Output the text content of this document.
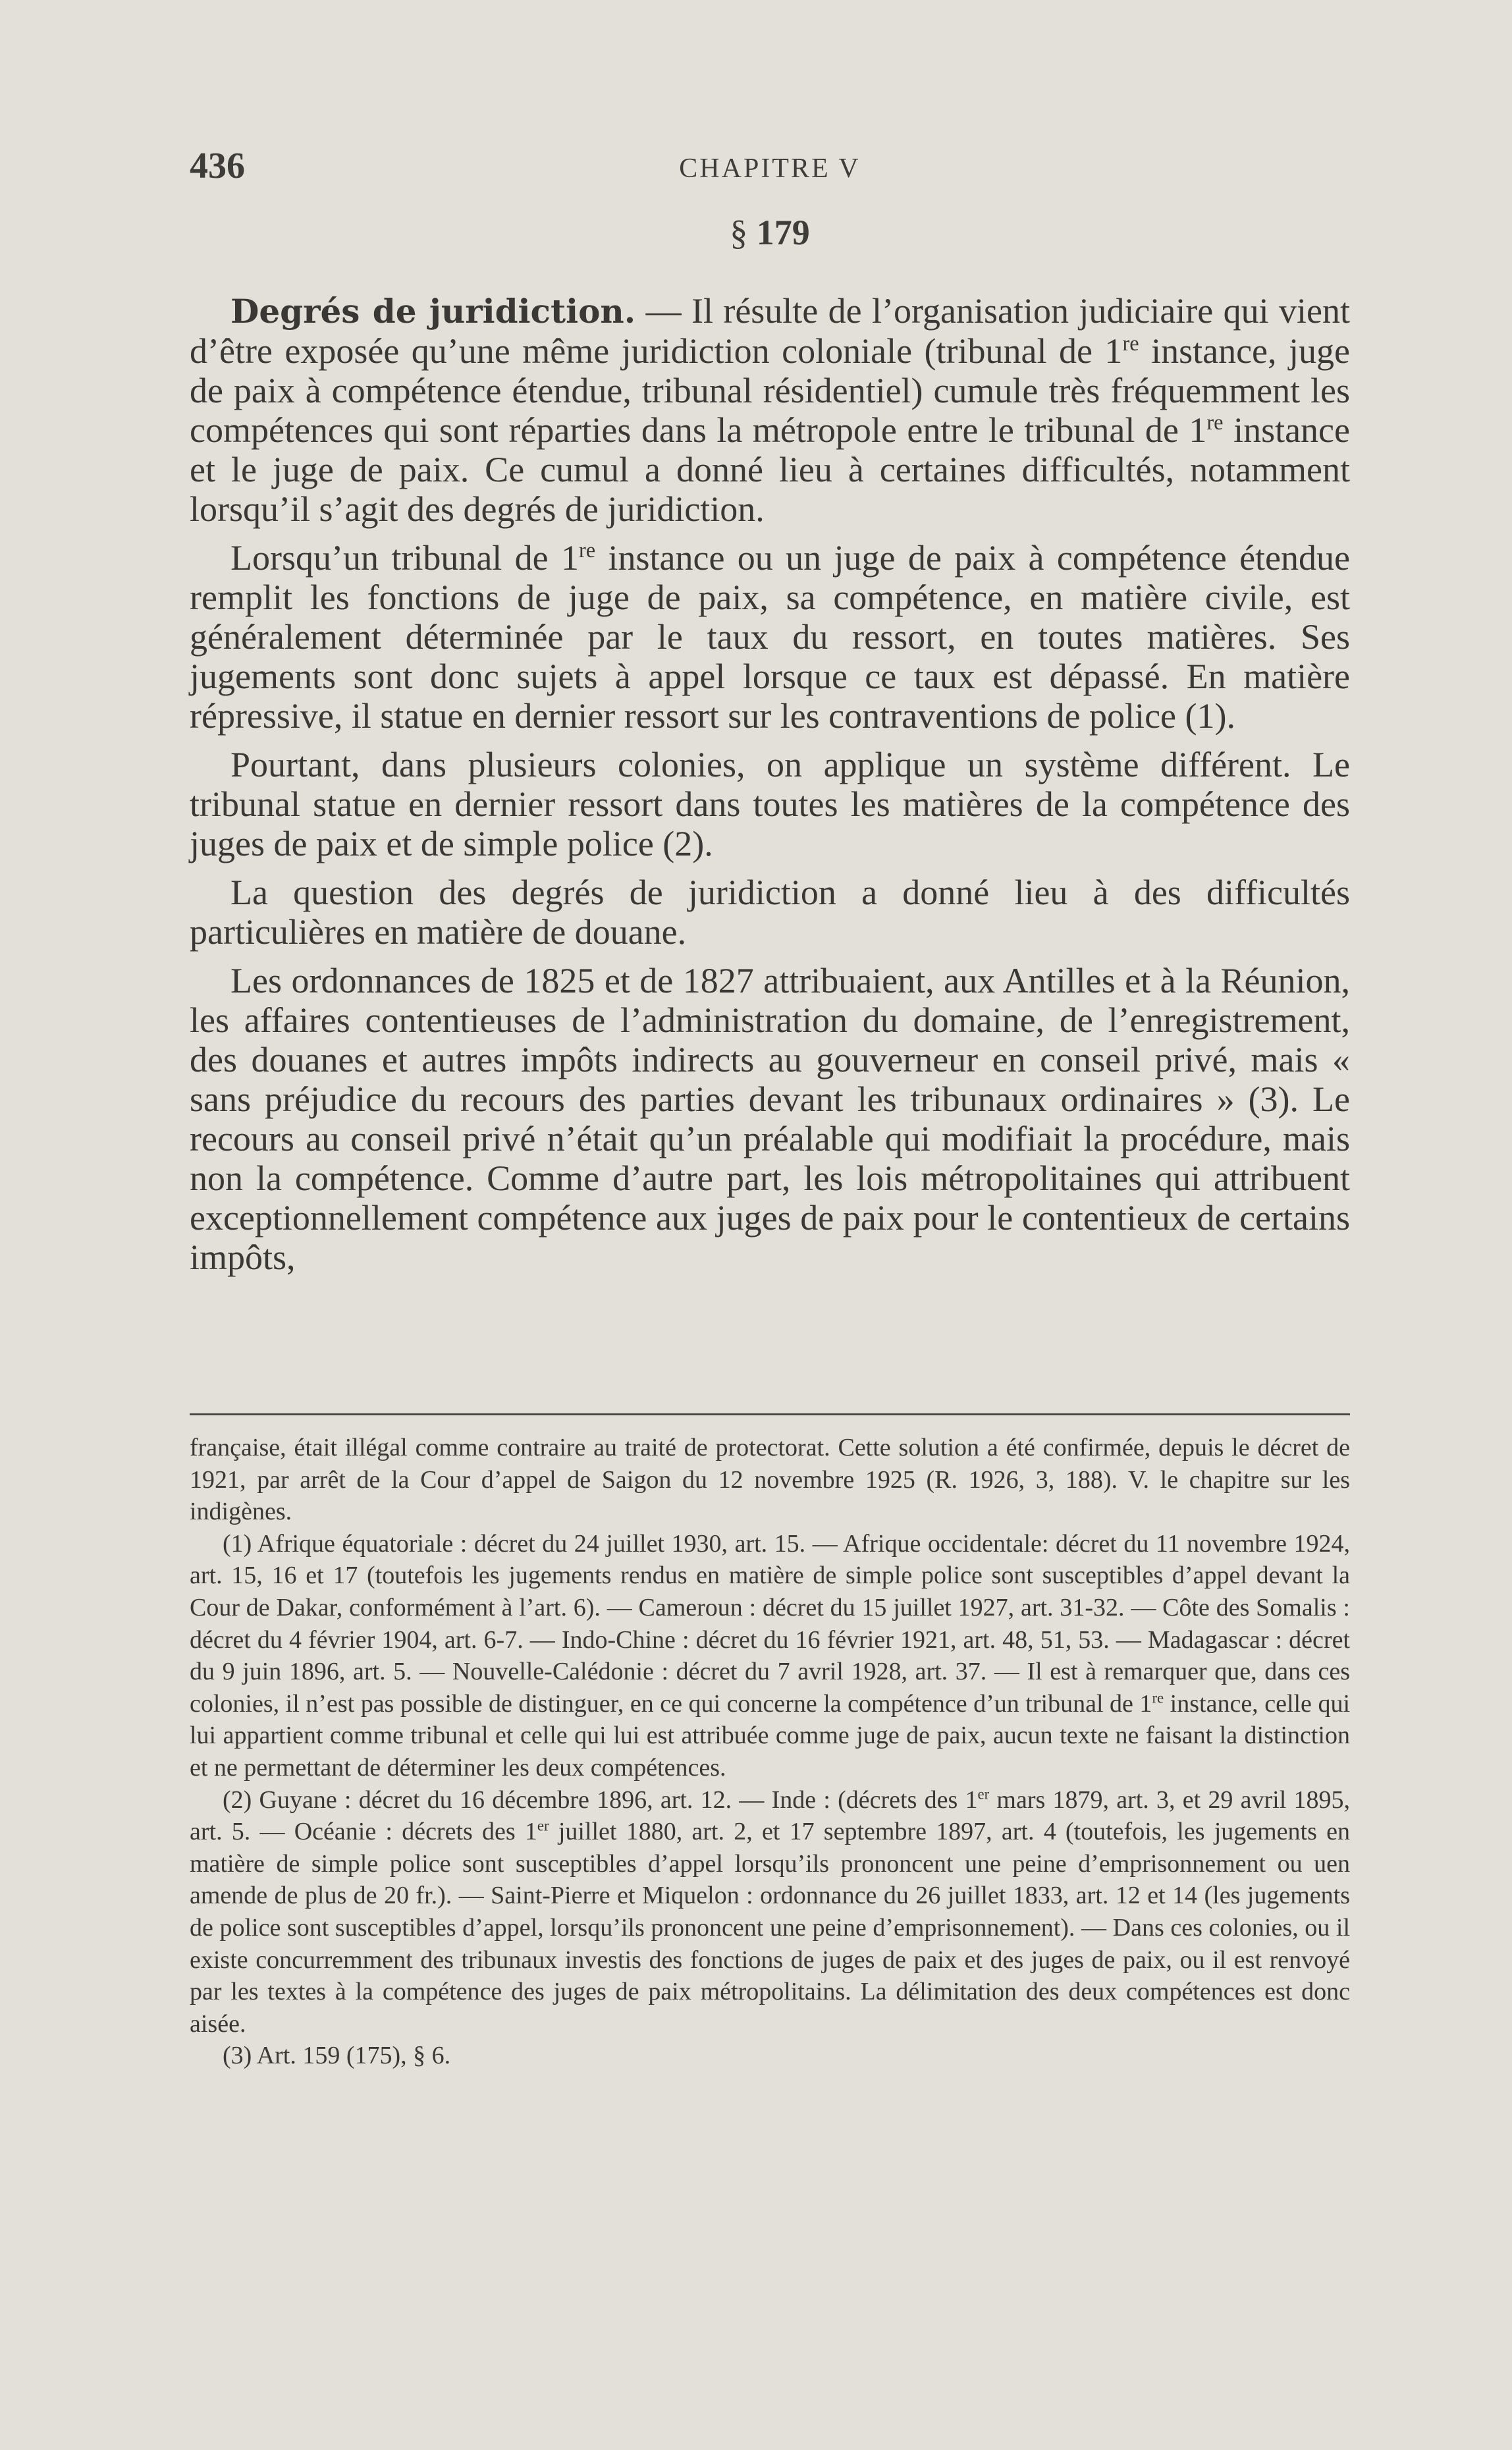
436	CHAPITRE V
§ 179

Degrés de juridiction. — Il résulte de l’organisation judiciaire qui vient d’être exposée qu’une même juridiction coloniale (tribunal de 1re instance, juge de paix à compétence étendue, tribunal résidentiel) cumule très fréquemment les compétences qui sont réparties dans la métropole entre le tribunal de 1re instance et le juge de paix. Ce cumul a donné lieu à certaines difficultés, notamment lorsqu’il s’agit des degrés de juridiction.

Lorsqu’un tribunal de 1re instance ou un juge de paix à compétence étendue remplit les fonctions de juge de paix, sa compétence, en matière civile, est généralement déterminée par le taux du ressort, en toutes matières. Ses jugements sont donc sujets à appel lorsque ce taux est dépassé. En matière répressive, il statue en dernier ressort sur les contraventions de police (1).

Pourtant, dans plusieurs colonies, on applique un système différent. Le tribunal statue en dernier ressort dans toutes les matières de la compétence des juges de paix et de simple police (2).

La question des degrés de juridiction a donné lieu à des difficultés particulières en matière de douane.

Les ordonnances de 1825 et de 1827 attribuaient, aux Antilles et à la Réunion, les affaires contentieuses de l’administration du domaine, de l’enregistrement, des douanes et autres impôts indirects au gouverneur en conseil privé, mais « sans préjudice du recours des parties devant les tribunaux ordinaires » (3). Le recours au conseil privé n’était qu’un préalable qui modifiait la procédure, mais non la compétence. Comme d’autre part, les lois métropolitaines qui attribuent exceptionnellement compétence aux juges de paix pour le contentieux de certains impôts,

française, était illégal comme contraire au traité de protectorat. Cette solution a été confirmée, depuis le décret de 1921, par arrêt de la Cour d’appel de Saigon du 12 novembre 1925 (R. 1926, 3, 188). V. le chapitre sur les indigènes.

(1) Afrique équatoriale : décret du 24 juillet 1930, art. 15. — Afrique occidentale: décret du 11 novembre 1924, art. 15, 16 et 17 (toutefois les jugements rendus en matière de simple police sont susceptibles d’appel devant la Cour de Dakar, conformément à l’art. 6). — Cameroun : décret du 15 juillet 1927, art. 31-32. — Côte des Somalis : décret du 4 février 1904, art. 6-7. — Indo-Chine : décret du 16 février 1921, art. 48, 51, 53. — Madagascar : décret du 9 juin 1896, art. 5. — Nouvelle-Calédonie : décret du 7 avril 1928, art. 37. — Il est à remarquer que, dans ces colonies, il n’est pas possible de distinguer, en ce qui concerne la compétence d’un tribunal de 1re instance, celle qui lui appartient comme tribunal et celle qui lui est attribuée comme juge de paix, aucun texte ne faisant la distinction et ne permettant de déterminer les deux compétences.

(2) Guyane : décret du 16 décembre 1896, art. 12. — Inde : (décrets des 1er mars 1879, art. 3, et 29 avril 1895, art. 5. — Océanie : décrets des 1er juillet 1880, art. 2, et 17 septembre 1897, art. 4 (toutefois, les jugements en matière de simple police sont susceptibles d’appel lorsqu’ils prononcent une peine d’emprisonnement ou uen amende de plus de 20 fr.). — Saint-Pierre et Miquelon : ordonnance du 26 juillet 1833, art. 12 et 14 (les jugements de police sont susceptibles d’appel, lorsqu’ils prononcent une peine d’emprisonnement). — Dans ces colonies, ou il existe concurremment des tribunaux investis des fonctions de juges de paix et des juges de paix, ou il est renvoyé par les textes à la compétence des juges de paix métropolitains. La délimitation des deux compétences est donc aisée.

(3) Art. 159 (175), § 6.
